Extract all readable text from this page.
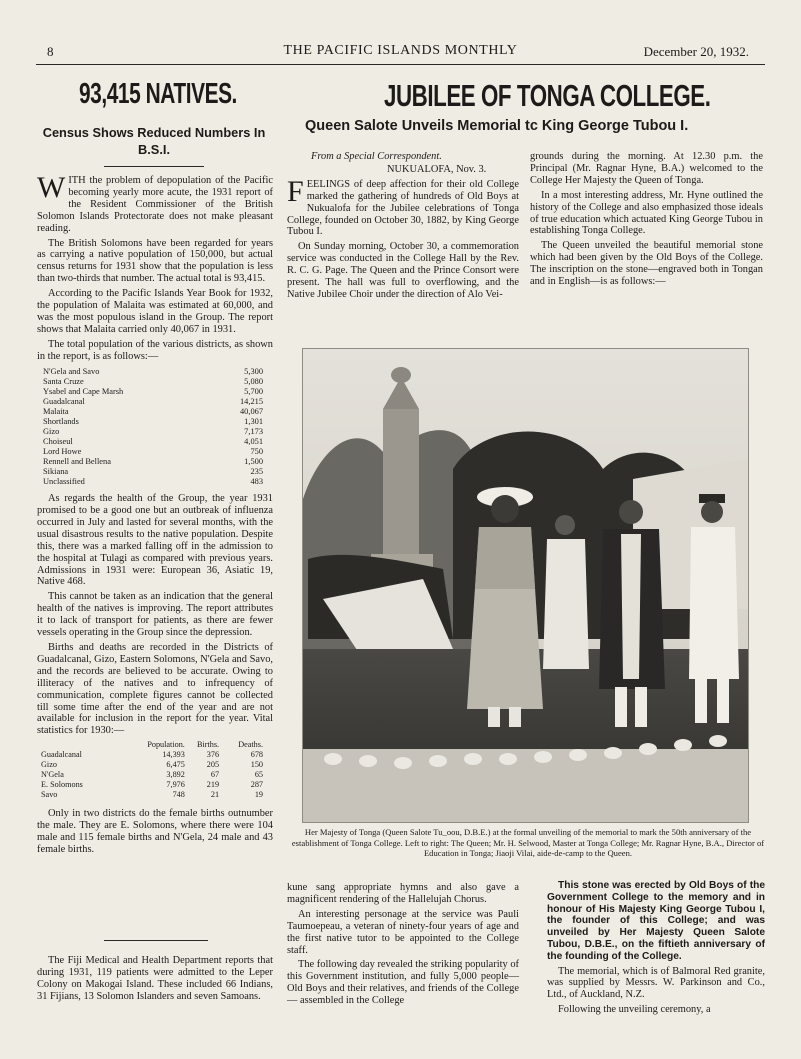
8	THE PACIFIC ISLANDS MONTHLY	December 20, 1932.
93,415 NATIVES.
Census Shows Reduced Numbers In B.S.I.

WITH the problem of depopulation of the Pacific becoming yearly more acute, the 1931 report of the Resident Commissioner of the British Solomon Islands Protectorate does not make pleasant reading.

The British Solomons have been regarded for years as carrying a native population of 150,000, but actual census returns for 1931 show that the population is less than two-thirds that number. The actual total is 93,415.

According to the Pacific Islands Year Book for 1932, the population of Malaita was estimated at 60,000, and was the most populous island in the Group. The report shows that Malaita carried only 40,067 in 1931.

The total population of the various districts, as shown in the report, is as follows:—

N'Gela and Savo		5,300
Santa Cruze		5,080
Ysabel and Cape Marsh		5,700
Guadalcanal		14,215
Malaita		40,067
Shortlands		1,301
Gizo		7,173
Choiseul		4,051
Lord Howe		750
Rennell and Bellena		1,500
Sikiana		235
Unclassified		483

As regards the health of the Group, the year 1931 promised to be a good one but an outbreak of influenza occurred in July and lasted for several months, with the usual disastrous results to the native population. Despite this, there was a marked falling off in the admission to the hospital at Tulagi as compared with previous years. Admissions in 1931 were: European 36, Asiatic 19, Native 468.

This cannot be taken as an indication that the general health of the natives is improving. The report attributes it to lack of transport for patients, as there are fewer vessels operating in the Group since the depression.

Births and deaths are recorded in the Districts of Guadalcanal, Gizo, Eastern Solomons, N'Gela and Savo, and the records are believed to be accurate. Owing to illiteracy of the natives and to infrequency of communication, complete figures cannot be collected till some time after the end of the year and are not available for inclusion in the report for the year. Vital statistics for 1930:—

	Population.	Births.	Deaths.
Guadalcanal	14,393	376	678
Gizo	6,475	205	150
N'Gela	3,892	67	65
E. Solomons	7,976	219	287
Savo	748	21	19

Only in two districts do the female births outnumber the male. They are E. Solomons, where there were 104 male and 115 female births and N'Gela, 24 male and 43 female births.

The Fiji Medical and Health Department reports that during 1931, 119 patients were admitted to the Leper Colony on Makogai Island. These included 66 Indians, 31 Fijians, 13 Solomon Islanders and seven Samoans.

JUBILEE OF TONGA COLLEGE.
Queen Salote Unveils Memorial tc King George Tubou I.

From a Special Correspondent.

NUKUALOFA, Nov. 3.

FEELINGS of deep affection for their old College marked the gathering of hundreds of Old Boys at Nukualofa for the Jubilee celebrations of Tonga College, founded on October 30, 1882, by King George Tubou I.

On Sunday morning, October 30, a commemoration service was conducted in the College Hall by the Rev. R. C. G. Page. The Queen and the Prince Consort were present. The hall was full to overflowing, and the Native Jubilee Choir under the direction of Alo Vei-

grounds during the morning. At 12.30 p.m. the Principal (Mr. Ragnar Hyne, B.A.) welcomed to the College Her Majesty the Queen of Tonga.

In a most interesting address, Mr. Hyne outlined the history of the College and also emphasized those ideals of true education which actuated King George Tubou in establishing Tonga College.

The Queen unveiled the beautiful memorial stone which had been given by the Old Boys of the College. The inscription on the stone—engraved both in Tongan and in English—is as follows:—

Her Majesty of Tonga (Queen Salote Tu_oou, D.B.E.) at the formal unveiling of the memorial to mark the 50th anniversary of the establishment of Tonga College. Left to right: The Queen; Mr. H. Selwood, Master at Tonga College; Mr. Ragnar Hyne, B.A., Director of Education in Tonga; Jiaoji Vilai, aide-de-camp to the Queen.

kune sang appropriate hymns and also gave a magnificent rendering of the Hallelujah Chorus.

An interesting personage at the service was Pauli Taumoepeau, a veteran of ninety-four years of age and the first native tutor to be appointed to the College staff.

The following day revealed the striking popularity of this Government institution, and fully 5,000 people—Old Boys and their relatives, and friends of the College — assembled in the College

This stone was erected by Old Boys of the Government College to the memory and in honour of His Majesty King George Tubou I, the founder of this College; and was unveiled by Her Majesty Queen Salote Tubou, D.B.E., on the fiftieth anniversary of the founding of the College.

The memorial, which is of Balmoral Red granite, was supplied by Messrs. W. Parkinson and Co., Ltd., of Auckland, N.Z.

Following the unveiling ceremony, a
